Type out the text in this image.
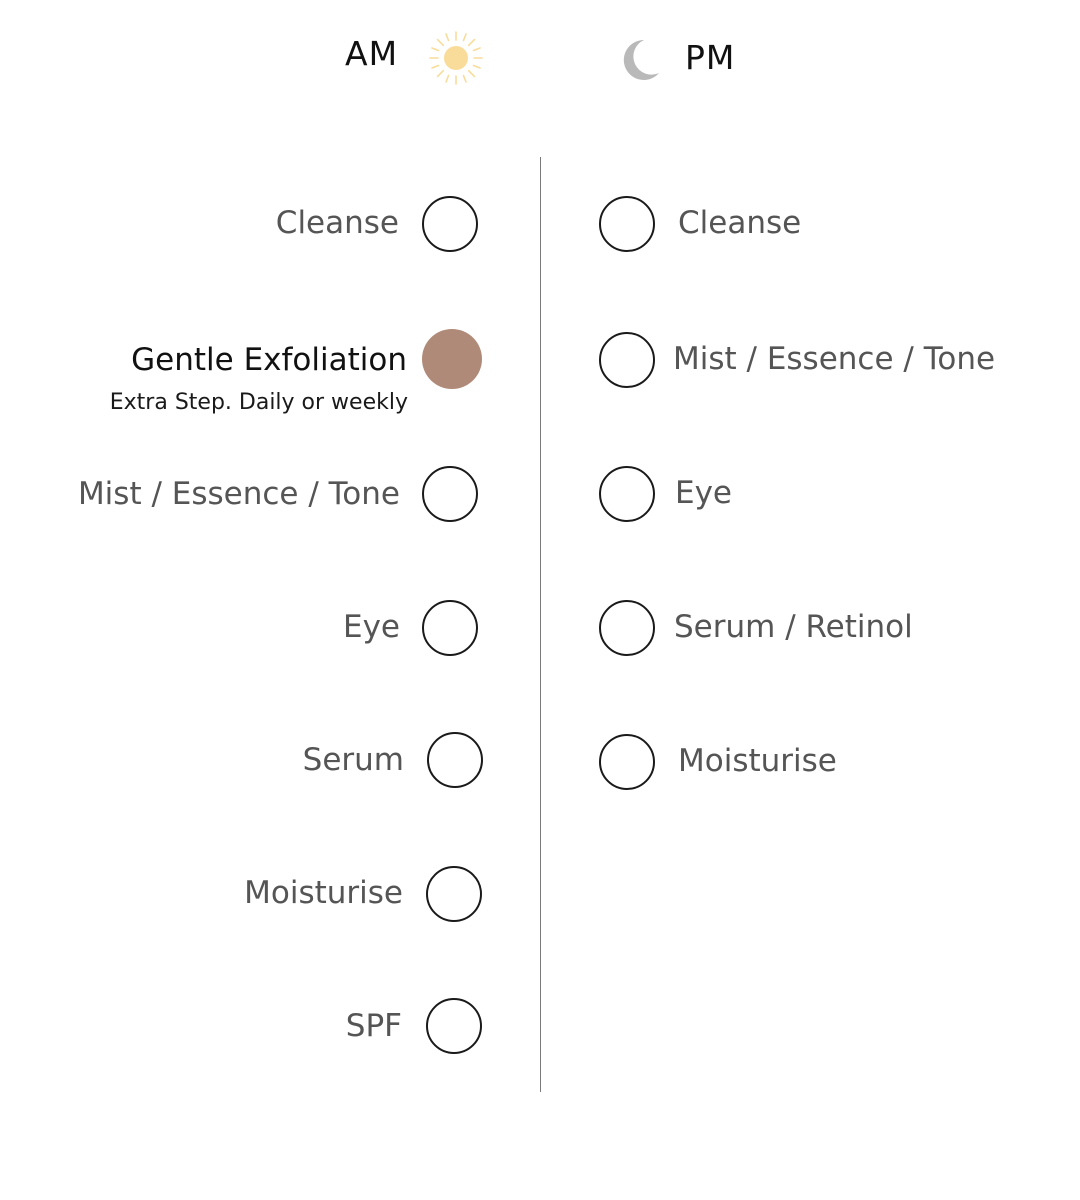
AM	PM
Cleanse
Gentle Exfoliation
Extra Step. Daily or weekly
Mist / Essence / Tone
Eye
Serum
Moisturise
SPF
Cleanse
Mist / Essence / Tone
Eye
Serum / Retinol
Moisturise
